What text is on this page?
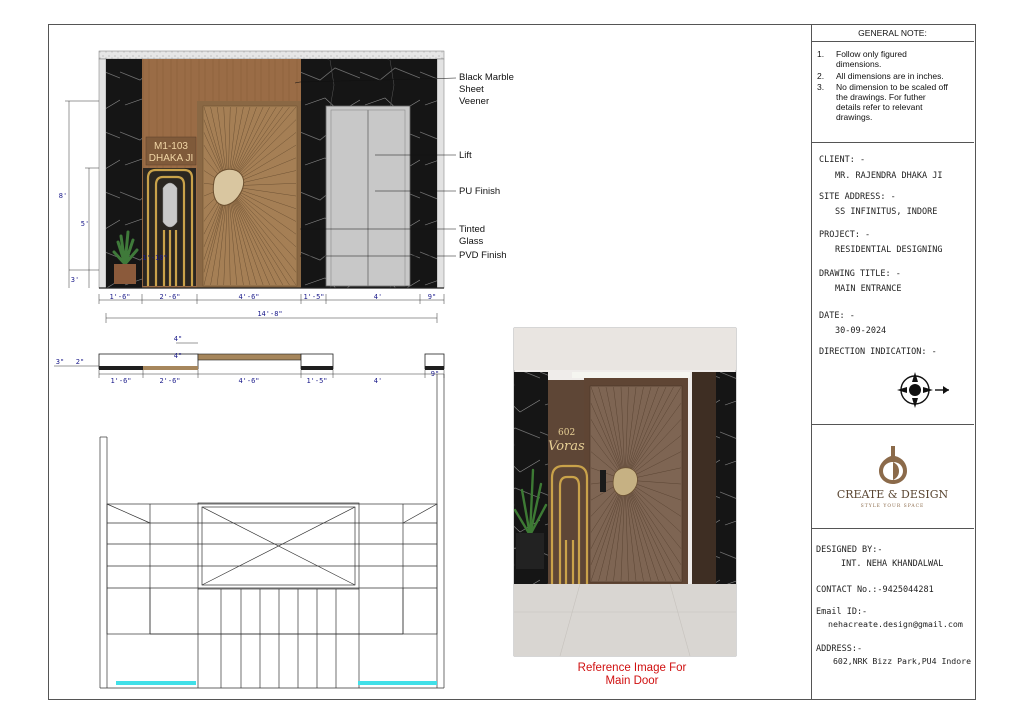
M1-103
DHAKA JI
1'-6"	2'-6"	4'-6"	1'-5"	4'	9"
14'-8"
8'
5'
3'
1'-10"
1'-6"	2'-6"	4'-6"	1'-5"	4'
9"
4"
4"
3" 2"
602
Voras
Black Marble
Sheet
Veener
Lift
PU Finish
Tinted
Glass
PVD Finish
Reference Image For
Main Door
GENERAL NOTE:
1. Follow only figured
dimensions.
2. All dimensions are in inches.
3. No dimension to be scaled off
the drawings. For futher
details refer to relevant
drawings.
CLIENT: -
MR. RAJENDRA DHAKA JI
SITE ADDRESS: -
SS INFINITUS, INDORE
PROJECT: -
RESIDENTIAL DESIGNING
DRAWING TITLE: -
MAIN ENTRANCE
DATE: -
30-09-2024
DIRECTION INDICATION: -
CREATE & DESIGN
STYLE YOUR SPACE
DESIGNED BY:-
INT. NEHA KHANDALWAL
CONTACT No.:-9425044281
Email ID:-
nehacreate.design@gmail.com
ADDRESS:-
602,NRK Bizz Park,PU4 Indore
